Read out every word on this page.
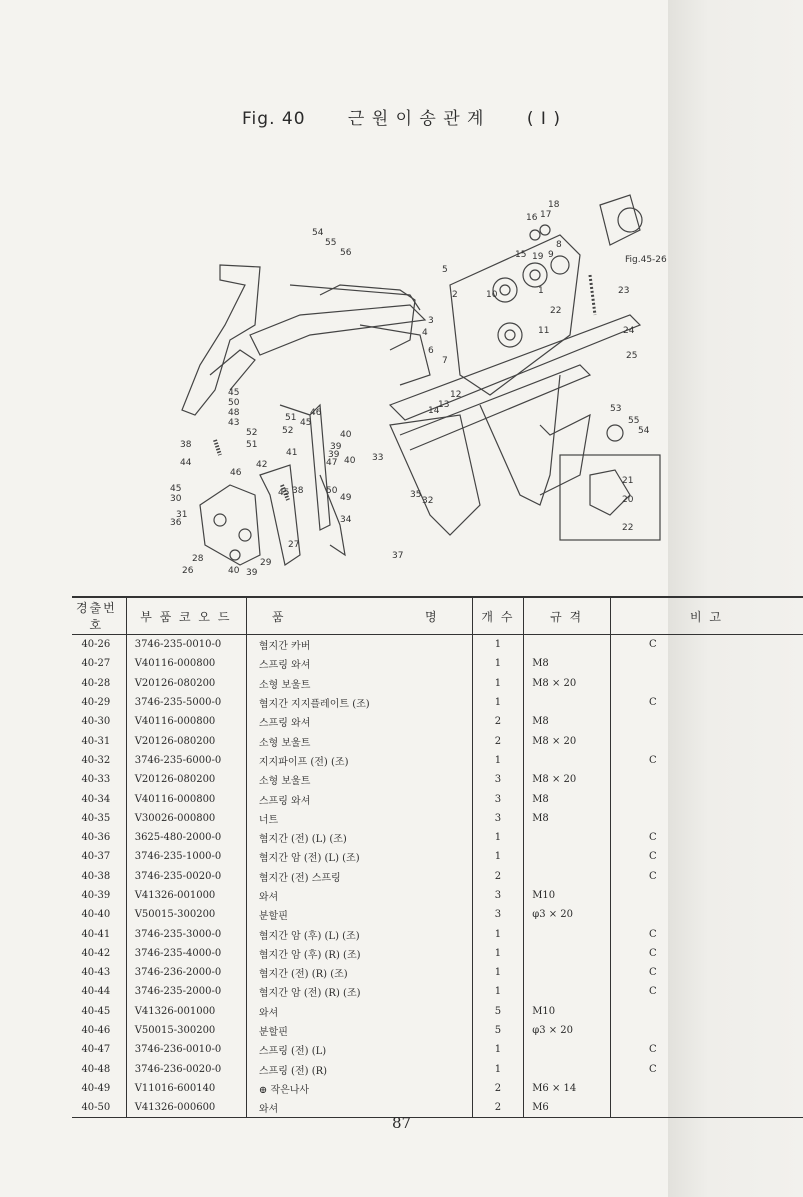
Fig. 40 근 원 이 송 관 계 ( I )
54
55
56
5
2
3
4
6
7
12
13
14
1
10
15 19 9
8
16 17
18
22
11
23
24
25
53
55
54
21
20
22
45
50
48
43	51
52
46
45
38
44
52
51
41
40
39
33
39
40
42	47
50
49
46
45 38
45
30
31
36	34
35
32
37
27
28
26	40 39
29
Fig.45-26
경출번호	부 품 코 오 드	품 명	개 수	규 격	비 고
40-26	3746-235-0010-0	혐지간 카버	1		C
40-27	V40116-000800	스프링 와셔	1	M8	
40-28	V20126-080200	소형 보울트	1	M8 × 20	
40-29	3746-235-5000-0	혐지간 지지플레이트 (조)	1		C
40-30	V40116-000800	스프링 와셔	2	M8	
40-31	V20126-080200	소형 보울트	2	M8 × 20	
40-32	3746-235-6000-0	지지파이프 (전) (조)	1		C
40-33	V20126-080200	소형 보울트	3	M8 × 20	
40-34	V40116-000800	스프링 와셔	3	M8	
40-35	V30026-000800	너트	3	M8	
40-36	3625-480-2000-0	혐지간 (전) (L) (조)	1		C
40-37	3746-235-1000-0	혐지간 암 (전) (L) (조)	1		C
40-38	3746-235-0020-0	혐지간 (전) 스프링	2		C
40-39	V41326-001000	와셔	3	M10	
40-40	V50015-300200	분할핀	3	φ3 × 20	
40-41	3746-235-3000-0	혐지간 암 (후) (L) (조)	1		C
40-42	3746-235-4000-0	혐지간 암 (후) (R) (조)	1		C
40-43	3746-236-2000-0	혐지간 (전) (R) (조)	1		C
40-44	3746-235-2000-0	혐지간 암 (전) (R) (조)	1		C
40-45	V41326-001000	와셔	5	M10	
40-46	V50015-300200	분할핀	5	φ3 × 20	
40-47	3746-236-0010-0	스프링 (전) (L)	1		C
40-48	3746-236-0020-0	스프링 (전) (R)	1		C
40-49	V11016-600140	⊕ 작은나사	2	M6 × 14	
40-50	V41326-000600	와셔	2	M6	
87
